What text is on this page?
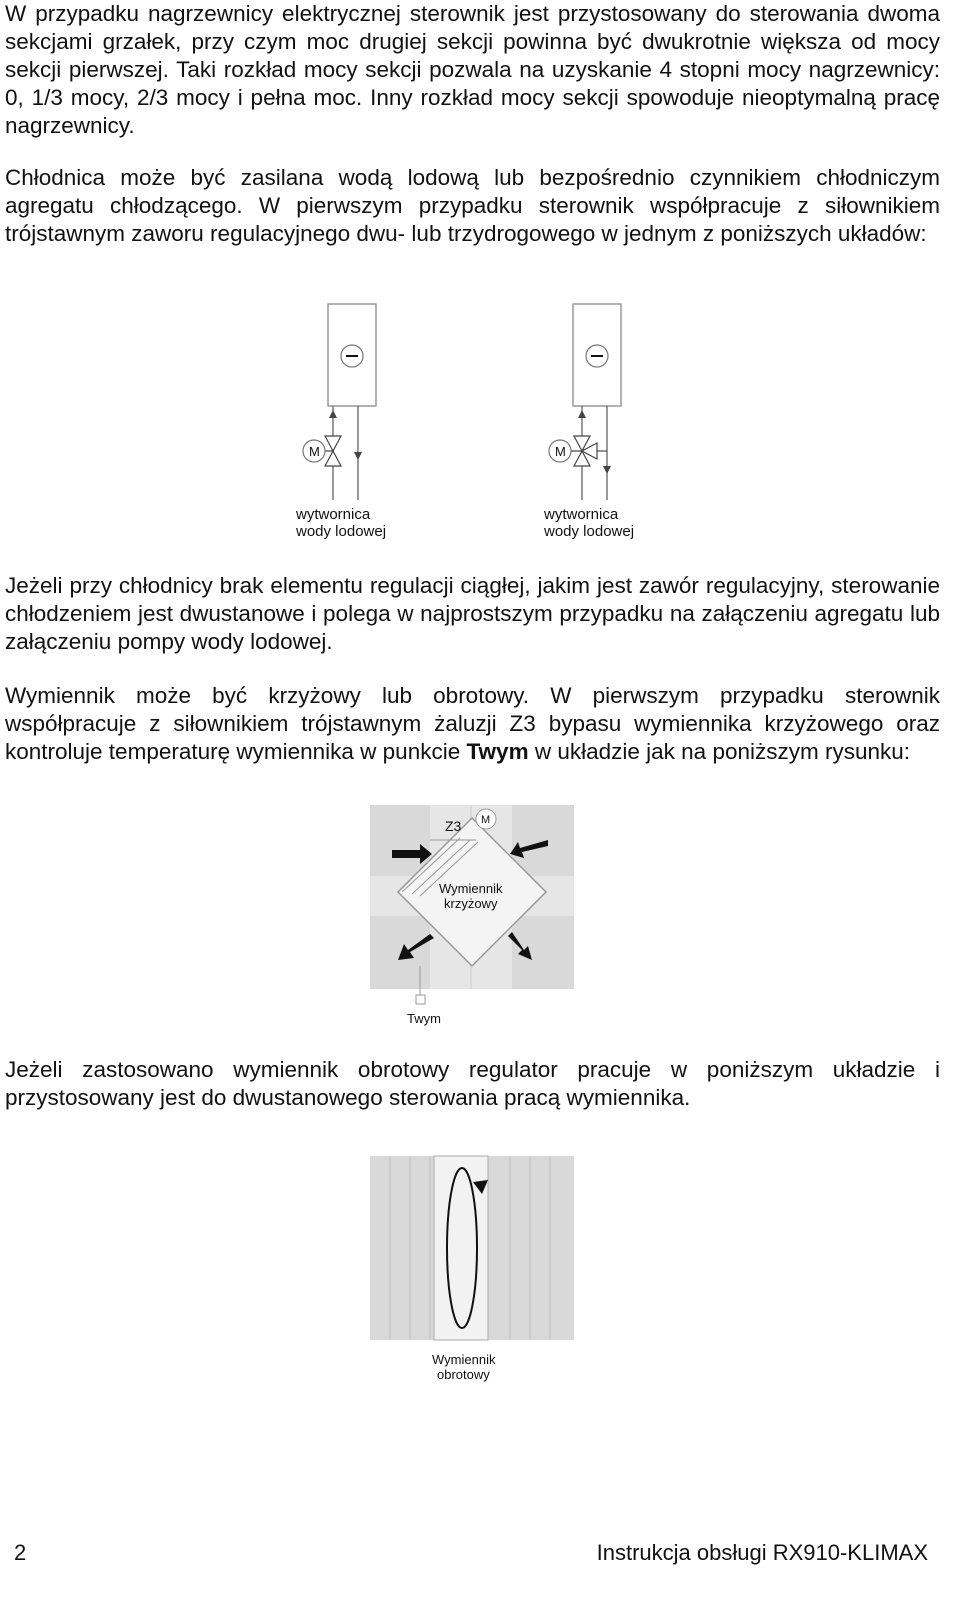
W przypadku nagrzewnicy elektrycznej sterownik jest przystosowany do sterowania dwoma sekcjami grzałek, przy czym moc drugiej sekcji powinna być dwukrotnie większa od mocy sekcji pierwszej. Taki rozkład mocy sekcji pozwala na uzyskanie 4 stopni mocy nagrzewnicy: 0, 1/3 mocy, 2/3 mocy i pełna moc. Inny rozkład mocy sekcji spowoduje nieoptymalną pracę nagrzewnicy.

Chłodnica może być zasilana wodą lodową lub bezpośrednio czynnikiem chłodniczym agregatu chłodzącego. W pierwszym przypadku sterownik współpracuje z siłownikiem trójstawnym zaworu regulacyjnego dwu- lub trzydrogowego w jednym z poniższych układów:

M	M
wytwornica
wody lodowej
wytwornica
wody lodowej

Jeżeli przy chłodnicy brak elementu regulacji ciągłej, jakim jest zawór regulacyjny, sterowanie chłodzeniem jest dwustanowe i polega w najprostszym przypadku na załączeniu agregatu lub załączeniu pompy wody lodowej.

Wymiennik może być krzyżowy lub obrotowy. W pierwszym przypadku sterownik współpracuje z siłownikiem trójstawnym żaluzji Z3 bypasu wymiennika krzyżowego oraz kontroluje temperaturę wymiennika w punkcie Twym w układzie jak na poniższym rysunku:

Z3 M
Wymiennik
krzyżowy
Twym

Jeżeli zastosowano wymiennik obrotowy regulator pracuje w poniższym układzie i przystosowany jest do dwustanowego sterowania pracą wymiennika.

Wymiennik
obrotowy
2	Instrukcja obsługi RX910-KLIMAX
